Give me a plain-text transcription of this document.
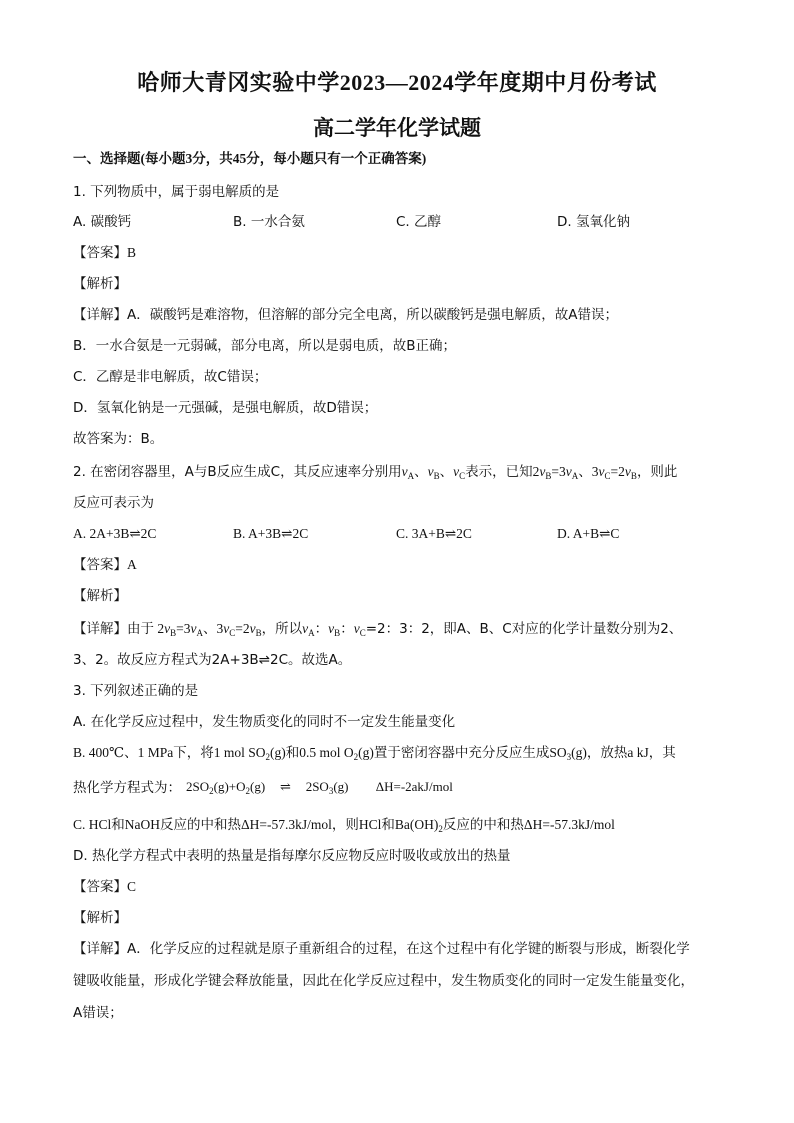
哈师大青冈实验中学2023—2024学年度期中月份考试
高二学年化学试题
一、选择题(每小题3分，共45分，每小题只有一个正确答案)
1. 下列物质中，属于弱电解质的是
A. 碳酸钙	B. 一水合氨	C. 乙醇	D. 氢氧化钠
【答案】B
【解析】
【详解】A．碳酸钙是难溶物，但溶解的部分完全电离，所以碳酸钙是强电解质，故A错误；
B．一水合氨是一元弱碱，部分电离，所以是弱电质，故B正确；
C．乙醇是非电解质，故C错误；
D．氢氧化钠是一元强碱，是强电解质，故D错误；
故答案为：B。
2. 在密闭容器里，A与B反应生成C，其反应速率分别用$v_A$、$v_B$、$v_C$表示，已知$2v_B=3v_A$、$3v_C=2v_B$，则此
反应可表示为
A. 2A+3B⇌2C	B. A+3B⇌2C	C. 3A+B⇌2C	D. A+B⇌C
【答案】A
【解析】
【详解】由于 $2v_B=3v_A$、$3v_C=2v_B$，所以$v_A$：$v_B$：$v_C=2$：3：2，即A、B、C对应的化学计量数分别为2、
3、2。故反应方程式为2A+3B⇌2C。故选A。
3. 下列叙述正确的是
A. 在化学反应过程中，发生物质变化的同时不一定发生能量变化
B. 400℃、1 MPa下，将1 mol $SO_2(g)$和0.5 mol $O_2(g)$置于密闭容器中充分反应生成$SO_3(g)$，放热a kJ，其
热化学方程式为： $2SO_2(g)+O_2(g)$ ⇌ $2SO_3(g)$ ΔH=-2akJ/mol
C. HCl和NaOH反应的中和热ΔH=-57.3kJ/mol，则HCl和$Ba(OH)_2$反应的中和热ΔH=-57.3kJ/mol
D. 热化学方程式中表明的热量是指每摩尔反应物反应时吸收或放出的热量
【答案】C
【解析】
【详解】A．化学反应的过程就是原子重新组合的过程，在这个过程中有化学键的断裂与形成，断裂化学
键吸收能量，形成化学键会释放能量，因此在化学反应过程中，发生物质变化的同时一定发生能量变化，
A错误；
